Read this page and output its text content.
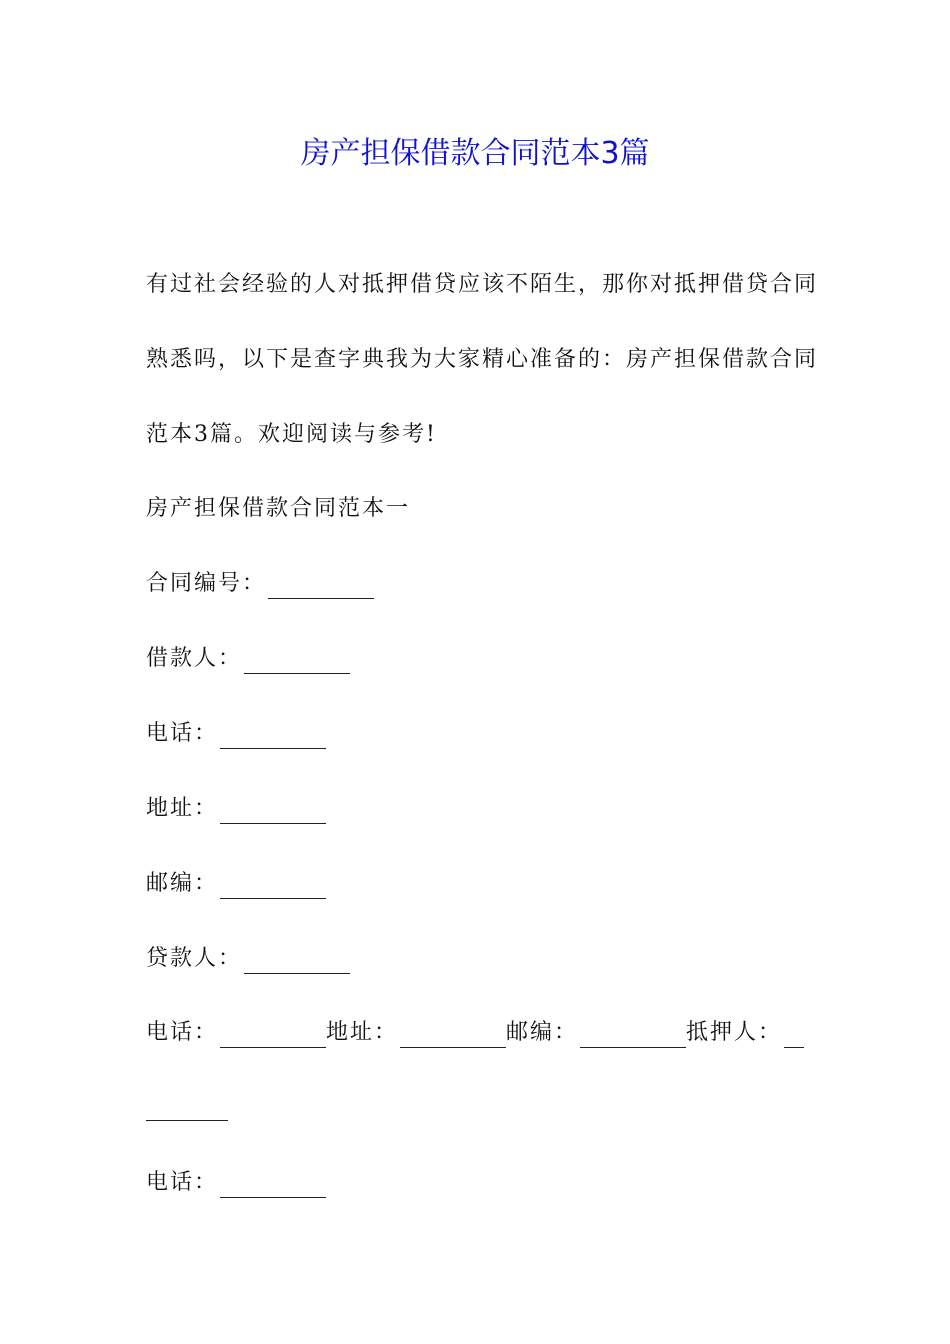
房产担保借款合同范本3篇
有过社会经验的人对抵押借贷应该不陌生，那你对抵押借贷合同熟悉吗，以下是查字典我为大家精心准备的：房产担保借款合同范本3篇。欢迎阅读与参考!
房产担保借款合同范本一
合同编号：
借款人：
电话：
地址：
邮编：
贷款人：
电话：	地址：	邮编：	抵押人：
电话：
